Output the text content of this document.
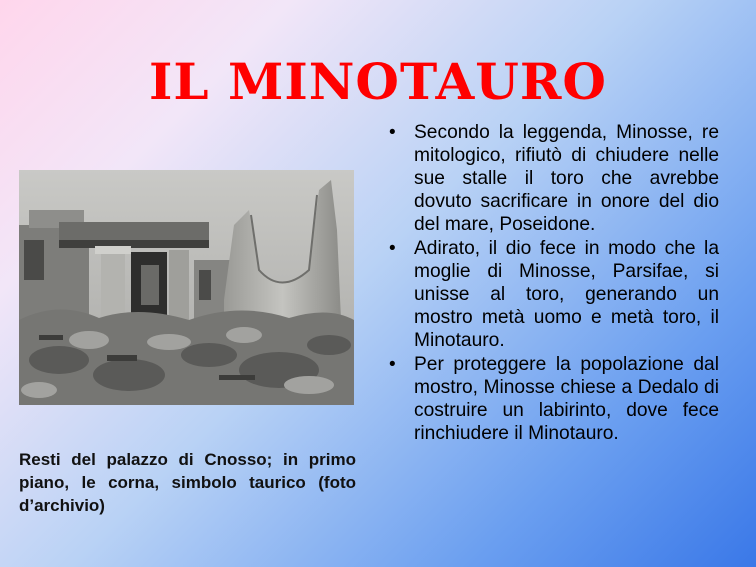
IL MINOTAURO
Resti del palazzo di Cnosso; in primo piano, le corna, simbolo taurico (foto d’archivio)
• Secondo la leggenda, Minosse, re mitologico, rifiutò di chiudere nelle sue stalle il toro che avrebbe dovuto sacrificare in onore del dio del mare, Poseidone.
• Adirato, il dio fece in modo che la moglie di Minosse, Parsifae, si unisse al toro, generando un mostro metà uomo e metà toro, il Minotauro.
• Per proteggere la popolazione dal mostro, Minosse chiese a Dedalo di costruire un labirinto, dove fece rinchiudere il Minotauro.
